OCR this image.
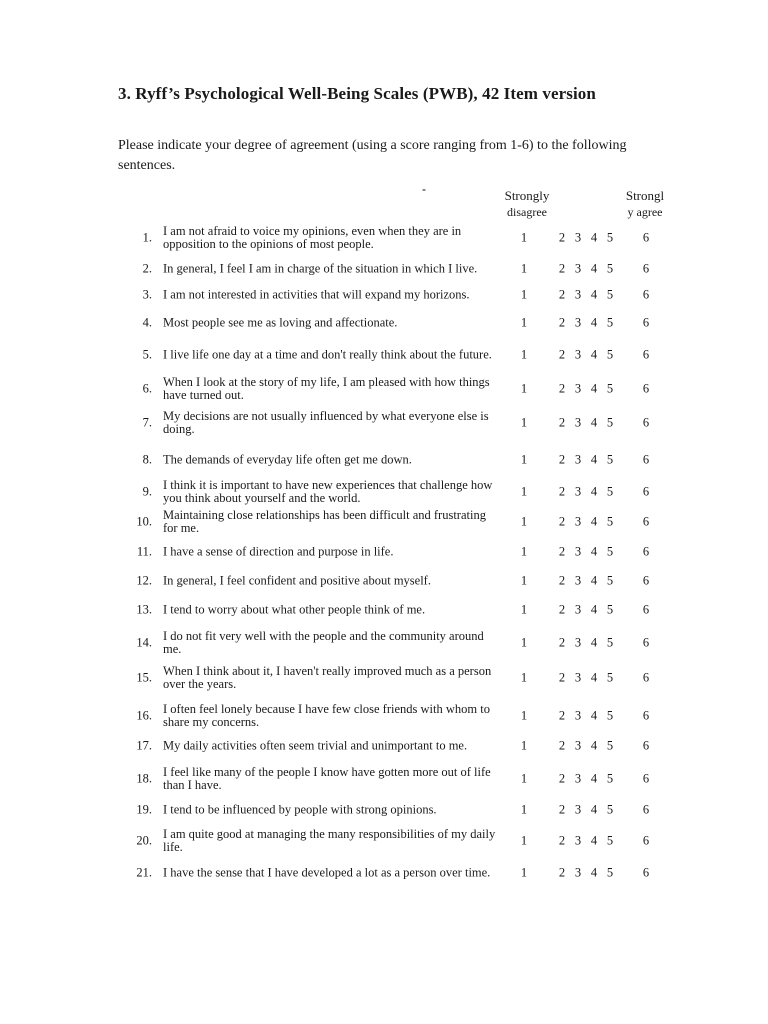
3. Ryff’s Psychological Well-Being Scales (PWB), 42 Item version
Please indicate your degree of agreement (using a score ranging from 1-6) to the following sentences.
-	Strongly
disagree
Strongl
y agree
1. I am not afraid to voice my opinions, even when they are in opposition to the opinions of most people.	1	2 3 4 5 6
2. In general, I feel I am in charge of the situation in which I live.	1	2 3 4 5 6
3. I am not interested in activities that will expand my horizons.	1	2 3 4 5 6
4. Most people see me as loving and affectionate.	1	2 3 4 5 6
5. I live life one day at a time and don't really think about the future.	1	2 3 4 5 6
6. When I look at the story of my life, I am pleased with how things have turned out.	1	2 3 4 5 6
7. My decisions are not usually influenced by what everyone else is doing.	1	2 3 4 5 6
8. The demands of everyday life often get me down.	1	2 3 4 5 6
9. I think it is important to have new experiences that challenge how you think about yourself and the world.	1	2 3 4 5 6
10. Maintaining close relationships has been difficult and frustrating for me.	1	2 3 4 5 6
11. I have a sense of direction and purpose in life.	1	2 3 4 5 6
12. In general, I feel confident and positive about myself.	1	2 3 4 5 6
13. I tend to worry about what other people think of me.	1	2 3 4 5 6
14. I do not fit very well with the people and the community around me.	1	2 3 4 5 6
15. When I think about it, I haven't really improved much as a person over the years.	1	2 3 4 5 6
16. I often feel lonely because I have few close friends with whom to share my concerns.	1	2 3 4 5 6
17. My daily activities often seem trivial and unimportant to me.	1	2 3 4 5 6
18. I feel like many of the people I know have gotten more out of life than I have.	1	2 3 4 5 6
19. I tend to be influenced by people with strong opinions.	1	2 3 4 5 6
20. I am quite good at managing the many responsibilities of my daily life.	1	2 3 4 5 6
21. I have the sense that I have developed a lot as a person over time.	1	2 3 4 5 6
